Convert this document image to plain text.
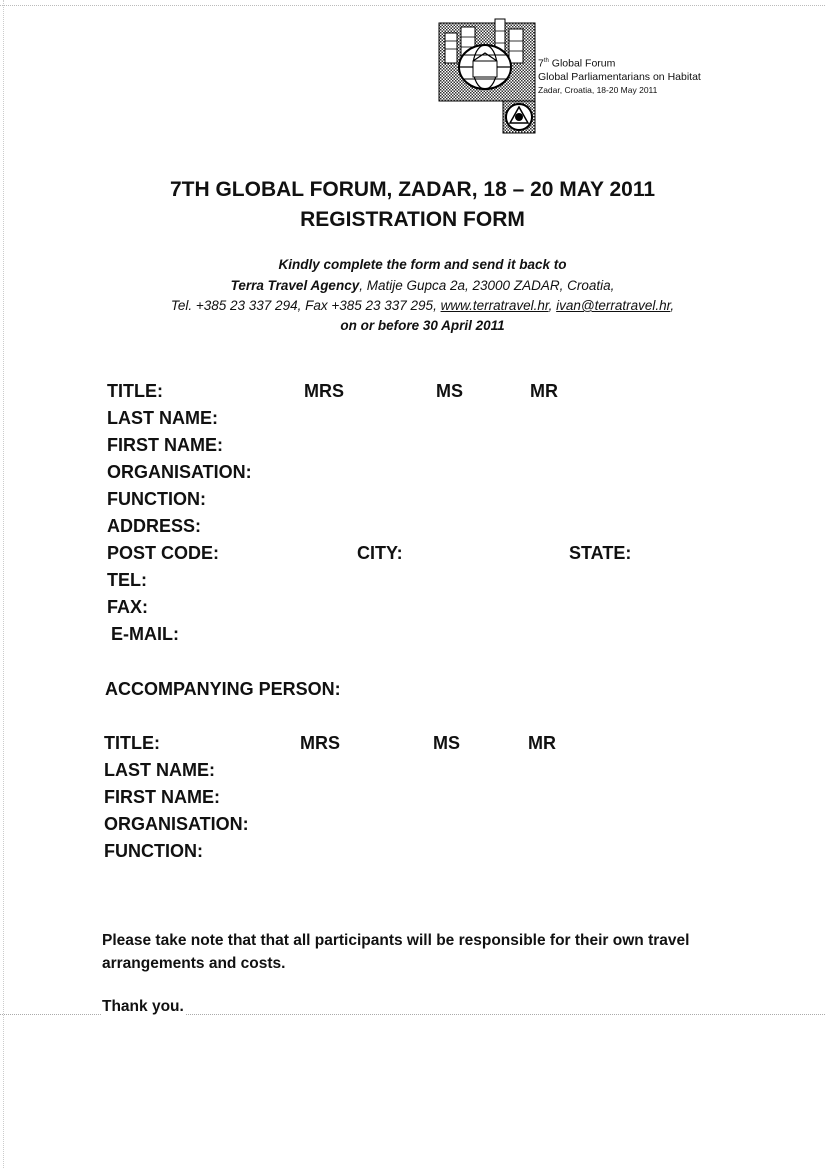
7th Global Forum
Global Parliamentarians on Habitat
Zadar, Croatia, 18-20 May 2011
7TH GLOBAL FORUM, ZADAR, 18 – 20 MAY 2011
REGISTRATION FORM
Kindly complete the form and send it back to
Terra Travel Agency, Matije Gupca 2a, 23000 ZADAR, Croatia,
Tel. +385 23 337 294, Fax +385 23 337 295, www.terratravel.hr, ivan@terratravel.hr,
on or before 30 April 2011
TITLE:	MRS	MS	MR
LAST NAME:
FIRST NAME:
ORGANISATION:
FUNCTION:
ADDRESS:
POST CODE:	CITY:	STATE:
TEL:
FAX:
E-MAIL:
ACCOMPANYING PERSON:
TITLE:	MRS	MS	MR
LAST NAME:
FIRST NAME:
ORGANISATION:
FUNCTION:
Please take note that that all participants will be responsible for their own travel arrangements and costs.
Thank you.
